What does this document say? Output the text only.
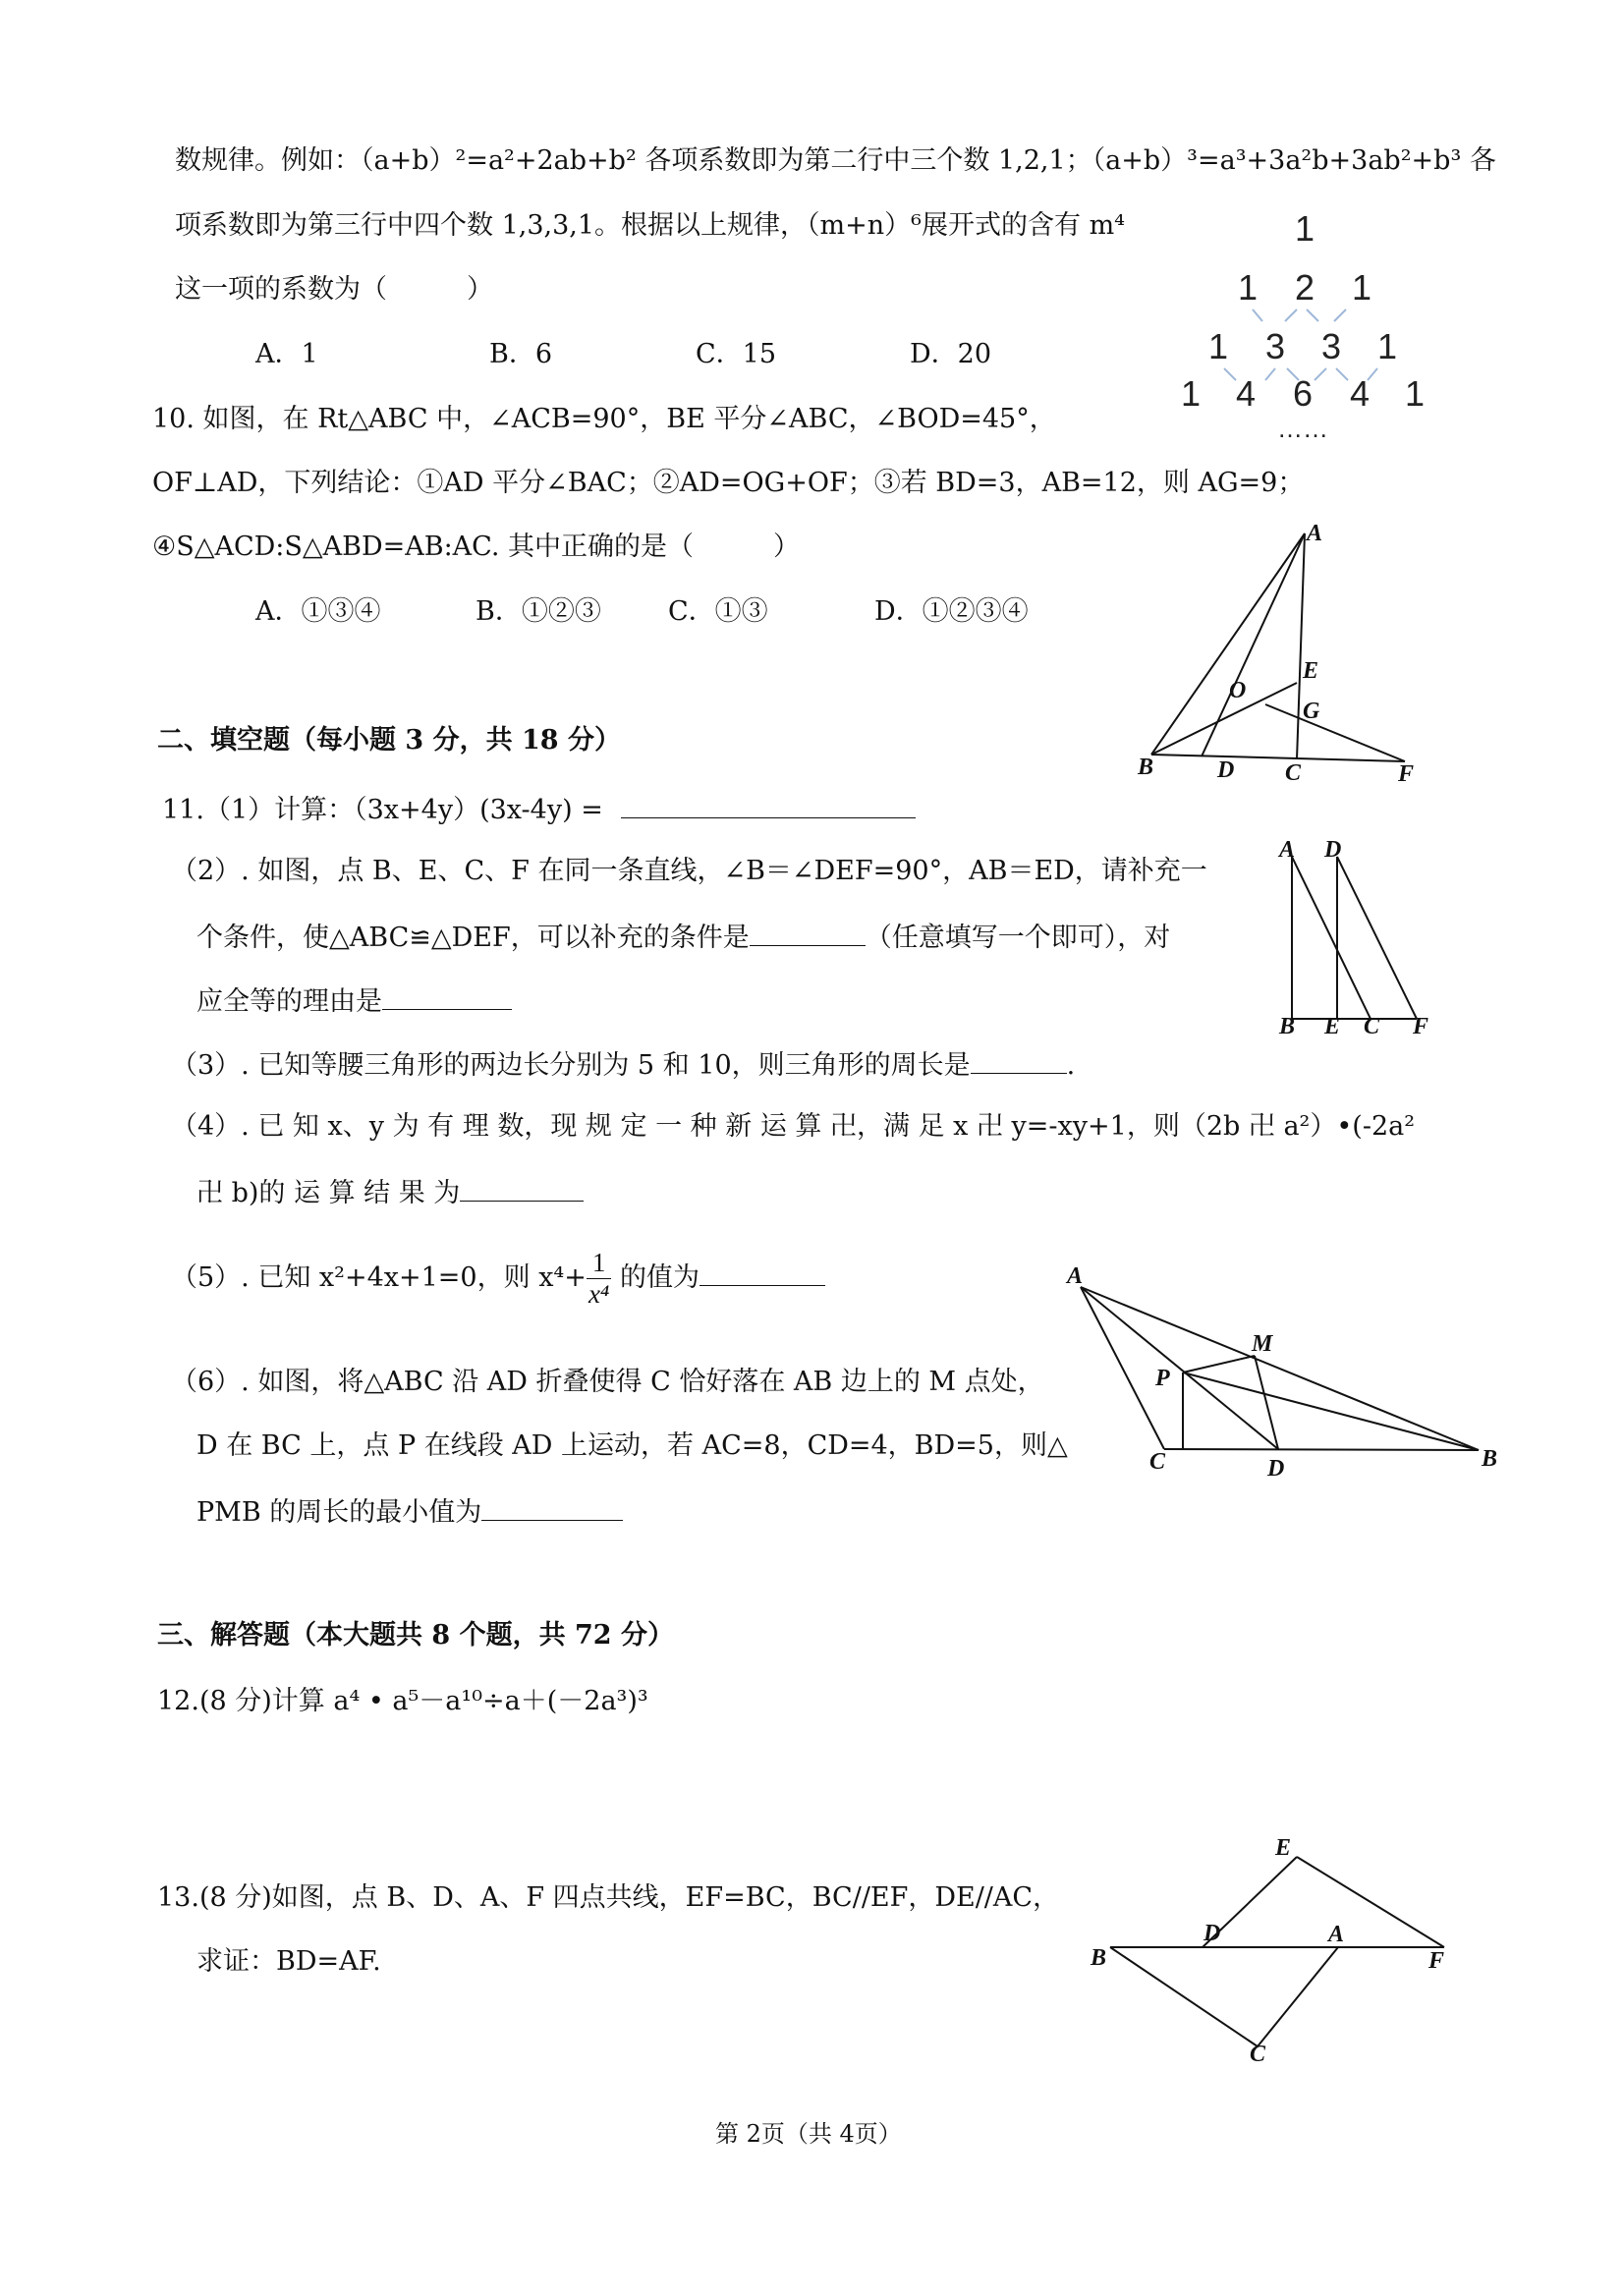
数规律。例如：（a+b）²=a²+2ab+b² 各项系数即为第二行中三个数 1,2,1；（a+b）³=a³+3a²b+3ab²+b³ 各
项系数即为第三行中四个数 1,3,3,1。根据以上规律，（m+n）⁶展开式的含有 m⁴
这一项的系数为（　　　）
A．1	B．6	C．15	D．20
1
1 2 1
1 3 3 1
1 4 6 4 1
……
10. 如图，在 Rt△ABC 中，∠ACB=90°，BE 平分∠ABC，∠BOD=45°，
OF⊥AD，下列结论：①AD 平分∠BAC；②AD=OG+OF；③若 BD=3，AB=12，则 AG=9；
④S△ACD:S△ABD=AB:AC. 其中正确的是（　　　）
A．①③④	B．①②③	C．①③	D．①②③④
A
E
O
G
B	D C	F
二、填空题（每小题 3 分，共 18 分）
11.（1）计算：（3x+4y）(3x-4y) =
（2）. 如图，点 B、E、C、F 在同一条直线，∠B＝∠DEF=90°，AB＝ED，请补充一
个条件，使△ABC≌△DEF，可以补充的条件是	（任意填写一个即可），对
应全等的理由是
A D
B E C F
（3）. 已知等腰三角形的两边长分别为 5 和 10，则三角形的周长是	.
（4）. 已 知 x、y 为 有 理 数，现 规 定 一 种 新 运 算 卍，满 足 x 卍 y=-xy+1，则（2b 卍 a²）•(-2a²
卍 b)的 运 算 结 果 为
（5）. 已知 x²+4x+1=0，则 $x^4+ \frac{1}{\text{x⁴}}$ 的值为
（6）. 如图，将△ABC 沿 AD 折叠使得 C 恰好落在 AB 边上的 M 点处，
D 在 BC 上，点 P 在线段 AD 上运动，若 AC=8，CD=4，BD=5，则△
PMB 的周长的最小值为
A
M
P
C	D	B
三、解答题（本大题共 8 个题，共 72 分）
12.(8 分)计算 a⁴ • a⁵－a¹⁰÷a＋(－2a³)³
13.(8 分)如图，点 B、D、A、F 四点共线，EF=BC，BC//EF，DE//AC，
求证：BD=AF.
E
D	A
B	F
C
第 2页（共 4页）
